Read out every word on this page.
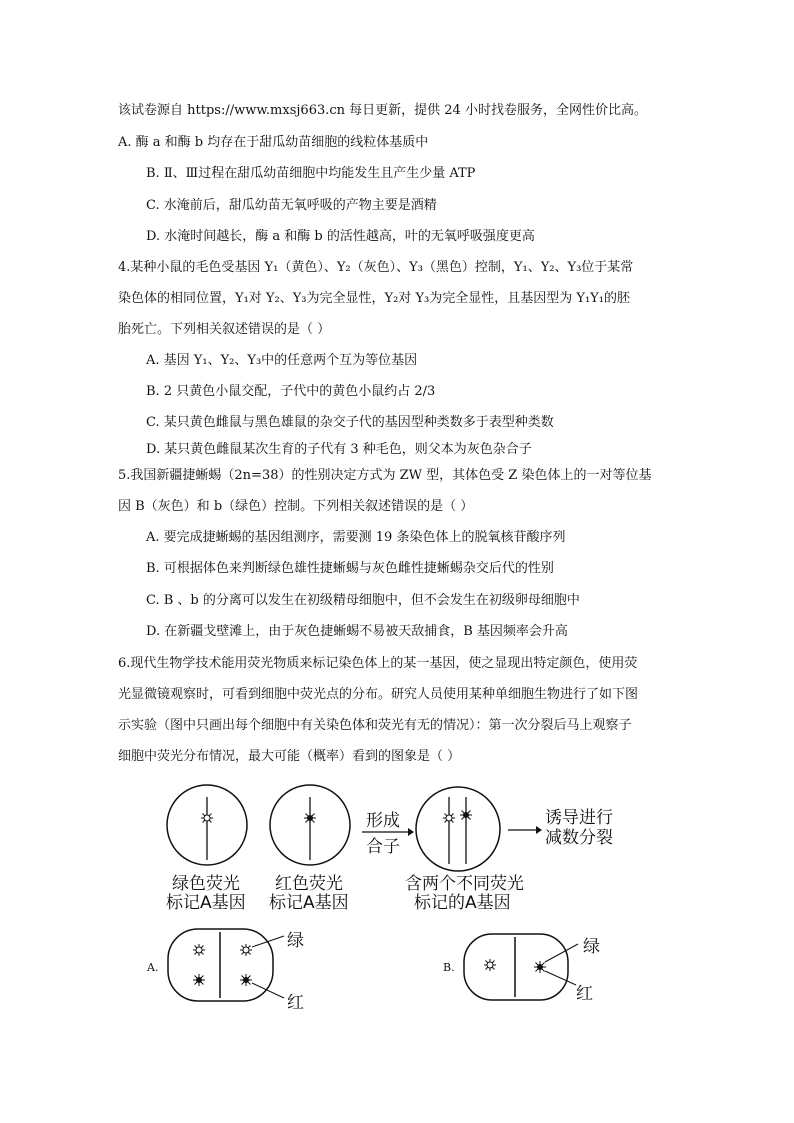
该试卷源自 https://www.mxsj663.cn 每日更新，提供 24 小时找卷服务，全网性价比高。
A. 酶 a 和酶 b 均存在于甜瓜幼苗细胞的线粒体基质中
B. Ⅱ、Ⅲ过程在甜瓜幼苗细胞中均能发生且产生少量 ATP
C. 水淹前后，甜瓜幼苗无氧呼吸的产物主要是酒精
D. 水淹时间越长，酶 a 和酶 b 的活性越高，叶的无氧呼吸强度更高
4.某种小鼠的毛色受基因 Y₁（黄色）、Y₂（灰色）、Y₃（黑色）控制，Y₁、Y₂、Y₃位于某常
染色体的相同位置，Y₁对 Y₂、Y₃为完全显性，Y₂对 Y₃为完全显性，且基因型为 Y₁Y₁的胚
胎死亡。下列相关叙述错误的是（ ）
A. 基因 Y₁、Y₂、Y₃中的任意两个互为等位基因
B. 2 只黄色小鼠交配，子代中的黄色小鼠约占 2/3
C. 某只黄色雌鼠与黑色雄鼠的杂交子代的基因型种类数多于表型种类数
D. 某只黄色雌鼠某次生育的子代有 3 种毛色，则父本为灰色杂合子
5.我国新疆捷蜥蜴（2n=38）的性别决定方式为 ZW 型，其体色受 Z 染色体上的一对等位基
因 B（灰色）和 b（绿色）控制。下列相关叙述错误的是（ ）
A. 要完成捷蜥蜴的基因组测序，需要测 19 条染色体上的脱氧核苷酸序列
B. 可根据体色来判断绿色雄性捷蜥蜴与灰色雌性捷蜥蜴杂交后代的性别
C. B 、b 的分离可以发生在初级精母细胞中，但不会发生在初级卵母细胞中
D. 在新疆戈壁滩上，由于灰色捷蜥蜴不易被天敌捕食，B 基因频率会升高
6.现代生物学技术能用荧光物质来标记染色体上的某一基因，使之显现出特定颜色，使用荧
光显微镜观察时，可看到细胞中荧光点的分布。研究人员使用某种单细胞生物进行了如下图
示实验（图中只画出每个细胞中有关染色体和荧光有无的情况）：第一次分裂后马上观察子
细胞中荧光分布情况，最大可能（概率）看到的图象是（ ）
绿色荧光
标记A基因
红色荧光
标记A基因
形成
合子
含两个不同荧光
标记的A基因
诱导进行
减数分裂
A.
绿
红
B.
绿
红
